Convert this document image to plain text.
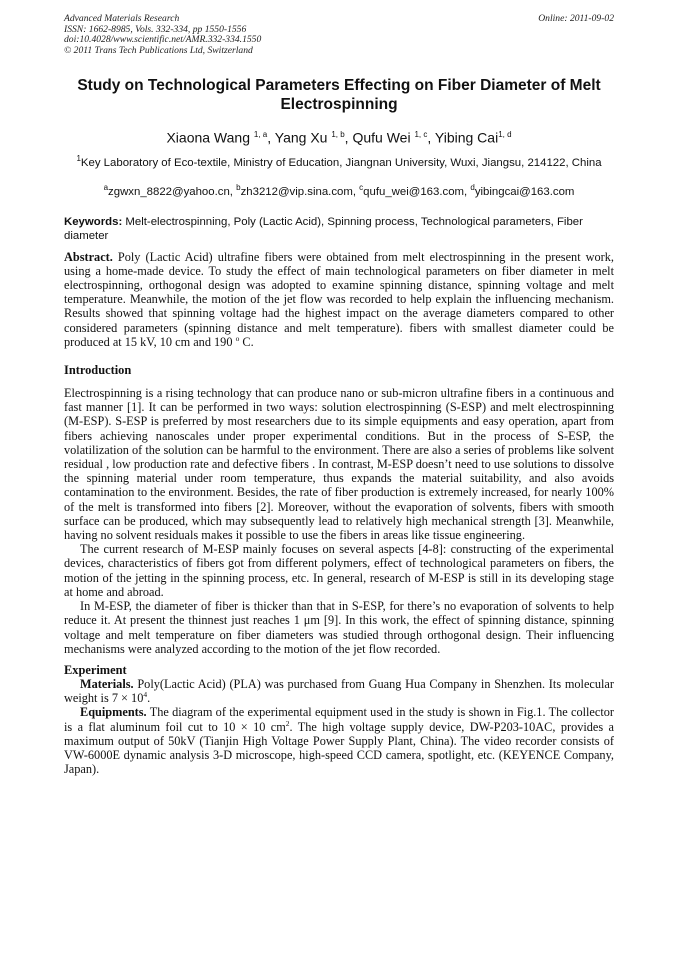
Advanced Materials Research
ISSN: 1662-8985, Vols. 332-334, pp 1550-1556
doi:10.4028/www.scientific.net/AMR.332-334.1550
© 2011 Trans Tech Publications Ltd, Switzerland
Online: 2011-09-02
Study on Technological Parameters Effecting on Fiber Diameter of Melt Electrospinning
Xiaona Wang $^{1, a}$, Yang Xu $^{1, b}$, Qufu Wei $^{1, c}$, Yibing Cai$^{1, d}$
$^1$Key Laboratory of Eco-textile, Ministry of Education, Jiangnan University, Wuxi, Jiangsu, 214122, China
$^a$zgwxn_8822@yahoo.cn, $^b$zh3212@vip.sina.com, $^c$qufu_wei@163.com, $^d$yibingcai@163.com
Keywords: Melt-electrospinning, Poly (Lactic Acid), Spinning process, Technological parameters, Fiber diameter

Abstract. Poly (Lactic Acid) ultrafine fibers were obtained from melt electrospinning in the present work, using a home-made device. To study the effect of main technological parameters on fiber diameter in melt electrospinning, orthogonal design was adopted to examine spinning distance, spinning voltage and melt temperature. Meanwhile, the motion of the jet flow was recorded to help explain the influencing mechanism. Results showed that spinning voltage had the highest impact on the average diameters compared to other considered parameters (spinning distance and melt temperature). fibers with smallest diameter could be produced at 15 kV, 10 cm and 190 $^o$ C.

Introduction

Electrospinning is a rising technology that can produce nano or sub-micron ultrafine fibers in a continuous and fast manner [1]. It can be performed in two ways: solution electrospinning (S-ESP) and melt electrospinning (M-ESP). S-ESP is preferred by most researchers due to its simple equipments and easy operation, apart from fibers achieving nanoscales under proper experimental conditions. But in the process of S-ESP, the volatilization of the solution can be harmful to the environment. There are also a series of problems like solvent residual , low production rate and defective fibers . In contrast, M-ESP doesn’t need to use solutions to dissolve the spinning material under room temperature, thus expands the material suitability, and also avoids contamination to the environment. Besides, the rate of fiber production is extremely increased, for nearly 100% of the melt is transformed into fibers [2]. Moreover, without the evaporation of solvents, fibers with smooth surface can be produced, which may subsequently lead to relatively high mechanical strength [3]. Meanwhile, having no solvent residuals makes it possible to use the fibers in areas like tissue engineering.

The current research of M-ESP mainly focuses on several aspects [4-8]: constructing of the experimental devices, characteristics of fibers got from different polymers, effect of technological parameters on fibers, the motion of the jetting in the spinning process, etc. In general, research of M-ESP is still in its developing stage at home and abroad.

In M-ESP, the diameter of fiber is thicker than that in S-ESP, for there’s no evaporation of solvents to help reduce it. At present the thinnest just reaches 1 μm [9]. In this work, the effect of spinning distance, spinning voltage and melt temperature on fiber diameters was studied through orthogonal design. Their influencing mechanisms were analyzed according to the motion of the jet flow recorded.

Experiment

Materials. Poly(Lactic Acid) (PLA) was purchased from Guang Hua Company in Shenzhen. Its molecular weight is $7 \times 10^4$.

Equipments. The diagram of the experimental equipment used in the study is shown in Fig.1. The collector is a flat aluminum foil cut to 10 × 10 $cm^2$. The high voltage supply device, DW-P203-10AC, provides a maximum output of 50kV (Tianjin High Voltage Power Supply Plant, China). The video recorder consists of VW-6000E dynamic analysis 3-D microscope, high-speed CCD camera, spotlight, etc. (KEYENCE Company, Japan).
